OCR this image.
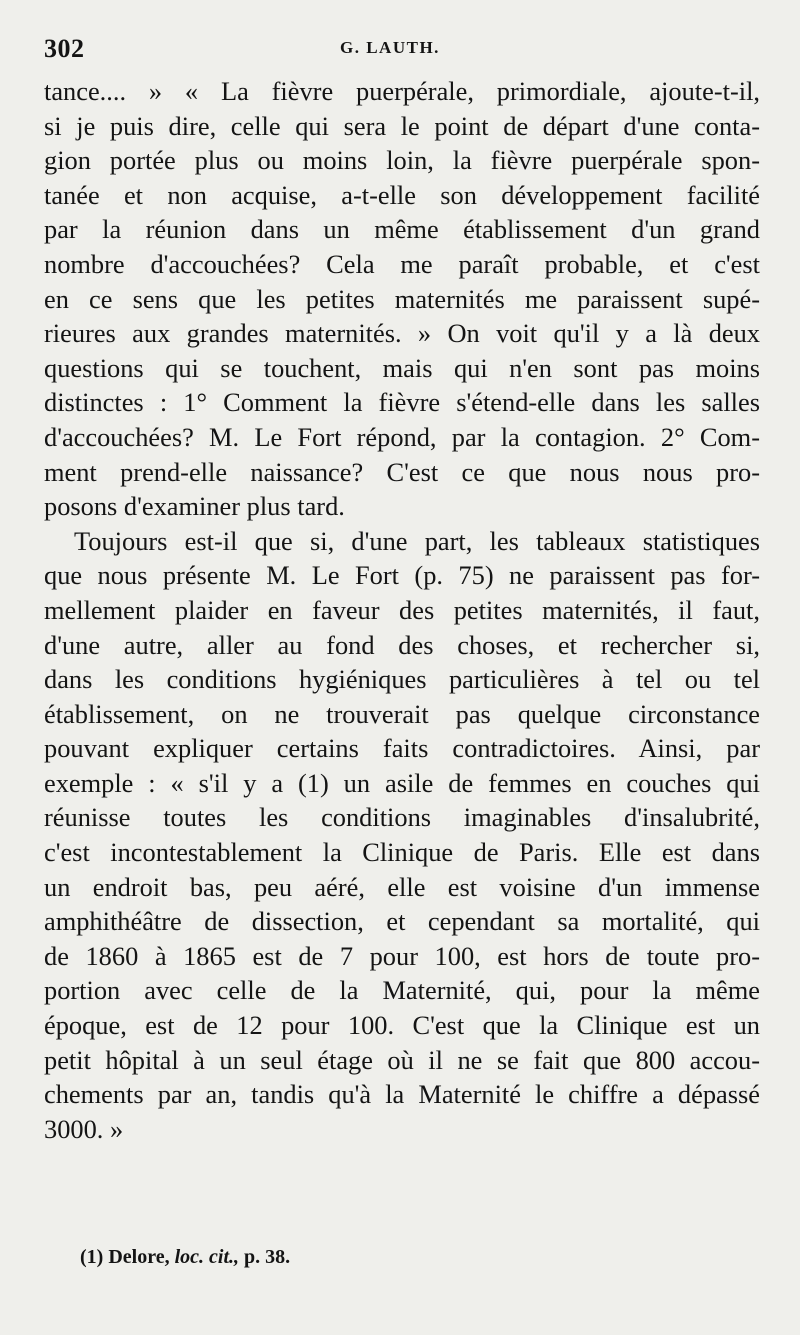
302	G. LAUTH.
tance.... » « La fièvre puerpérale, primordiale, ajoute-t-il,
si je puis dire, celle qui sera le point de départ d'une conta-
gion portée plus ou moins loin, la fièvre puerpérale spon-
tanée et non acquise, a-t-elle son développement facilité
par la réunion dans un même établissement d'un grand
nombre d'accouchées? Cela me paraît probable, et c'est
en ce sens que les petites maternités me paraissent supé-
rieures aux grandes maternités. » On voit qu'il y a là deux
questions qui se touchent, mais qui n'en sont pas moins
distinctes : 1° Comment la fièvre s'étend-elle dans les salles
d'accouchées? M. Le Fort répond, par la contagion. 2° Com-
ment prend-elle naissance? C'est ce que nous nous pro-
posons d'examiner plus tard.
Toujours est-il que si, d'une part, les tableaux statistiques
que nous présente M. Le Fort (p. 75) ne paraissent pas for-
mellement plaider en faveur des petites maternités, il faut,
d'une autre, aller au fond des choses, et rechercher si,
dans les conditions hygiéniques particulières à tel ou tel
établissement, on ne trouverait pas quelque circonstance
pouvant expliquer certains faits contradictoires. Ainsi, par
exemple : « s'il y a (1) un asile de femmes en couches qui
réunisse toutes les conditions imaginables d'insalubrité,
c'est incontestablement la Clinique de Paris. Elle est dans
un endroit bas, peu aéré, elle est voisine d'un immense
amphithéâtre de dissection, et cependant sa mortalité, qui
de 1860 à 1865 est de 7 pour 100, est hors de toute pro-
portion avec celle de la Maternité, qui, pour la même
époque, est de 12 pour 100. C'est que la Clinique est un
petit hôpital à un seul étage où il ne se fait que 800 accou-
chements par an, tandis qu'à la Maternité le chiffre a dépassé
3000. »
(1) Delore, loc. cit., p. 38.
